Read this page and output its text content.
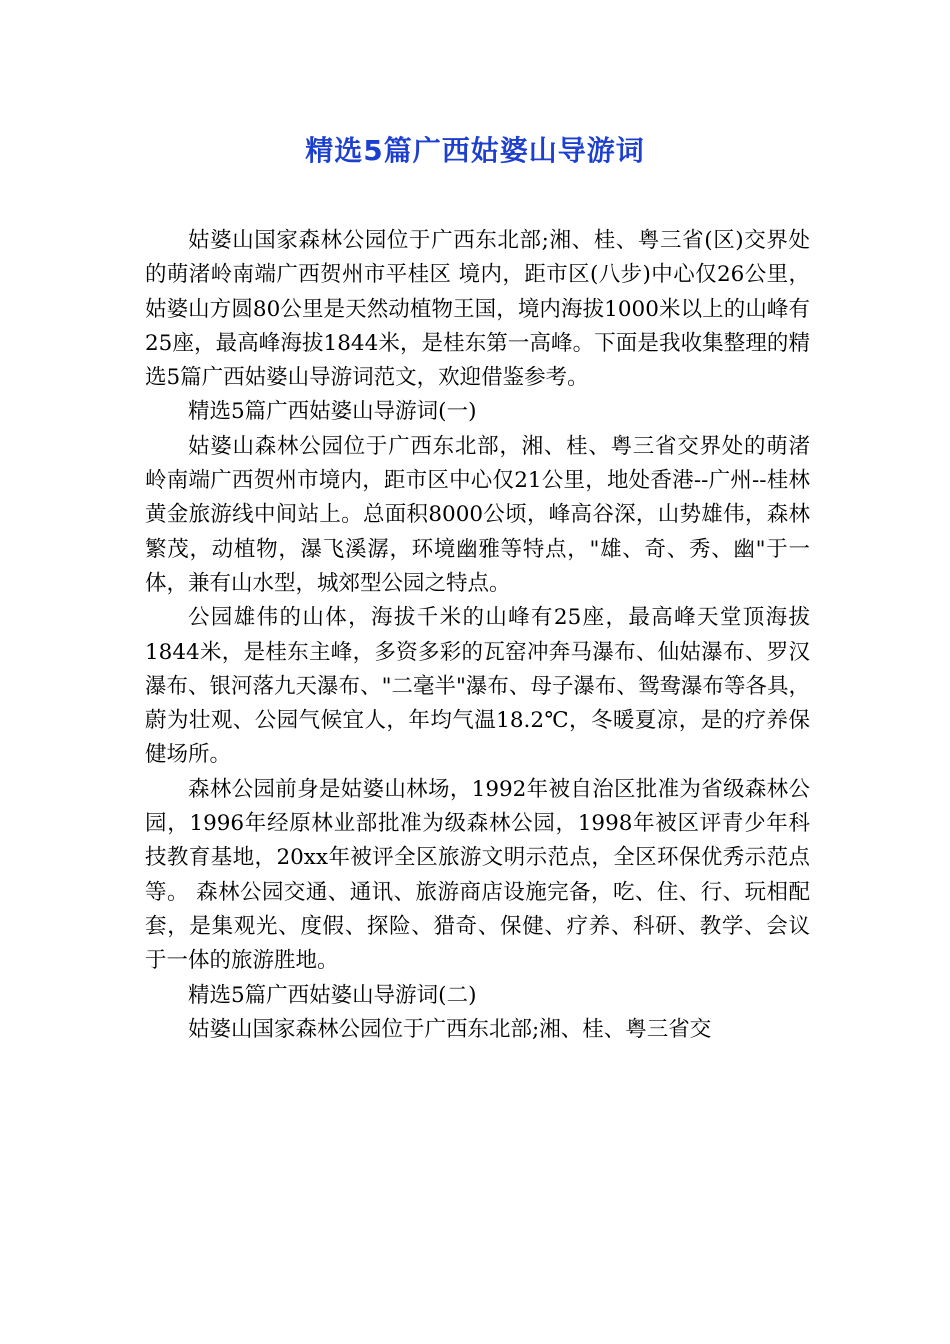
精选5篇广西姑婆山导游词

姑婆山国家森林公园位于广西东北部;湘、桂、粤三省(区)交界处的萌渚岭南端广西贺州市平桂区 境内，距市区(八步)中心仅26公里，姑婆山方圆80公里是天然动植物王国，境内海拔1000米以上的山峰有25座，最高峰海拔1844米，是桂东第一高峰。下面是我收集整理的精选5篇广西姑婆山导游词范文，欢迎借鉴参考。

精选5篇广西姑婆山导游词(一)

姑婆山森林公园位于广西东北部，湘、桂、粤三省交界处的萌渚岭南端广西贺州市境内，距市区中心仅21公里，地处香港--广州--桂林黄金旅游线中间站上。总面积8000公顷，峰高谷深，山势雄伟，森林繁茂，动植物，瀑飞溪潺，环境幽雅等特点，"雄、奇、秀、幽"于一体，兼有山水型，城郊型公园之特点。

公园雄伟的山体，海拔千米的山峰有25座，最高峰天堂顶海拔1844米，是桂东主峰，多资多彩的瓦窑冲奔马瀑布、仙姑瀑布、罗汉瀑布、银河落九天瀑布、"二毫半"瀑布、母子瀑布、鸳鸯瀑布等各具，蔚为壮观、公园气候宜人，年均气温18.2℃，冬暖夏凉，是的疗养保健场所。

森林公园前身是姑婆山林场，1992年被自治区批准为省级森林公园，1996年经原林业部批准为级森林公园，1998年被区评青少年科技教育基地，20xx年被评全区旅游文明示范点，全区环保优秀示范点等。 森林公园交通、通讯、旅游商店设施完备，吃、住、行、玩相配套，是集观光、度假、探险、猎奇、保健、疗养、科研、教学、会议于一体的旅游胜地。

精选5篇广西姑婆山导游词(二)

姑婆山国家森林公园位于广西东北部;湘、桂、粤三省交
